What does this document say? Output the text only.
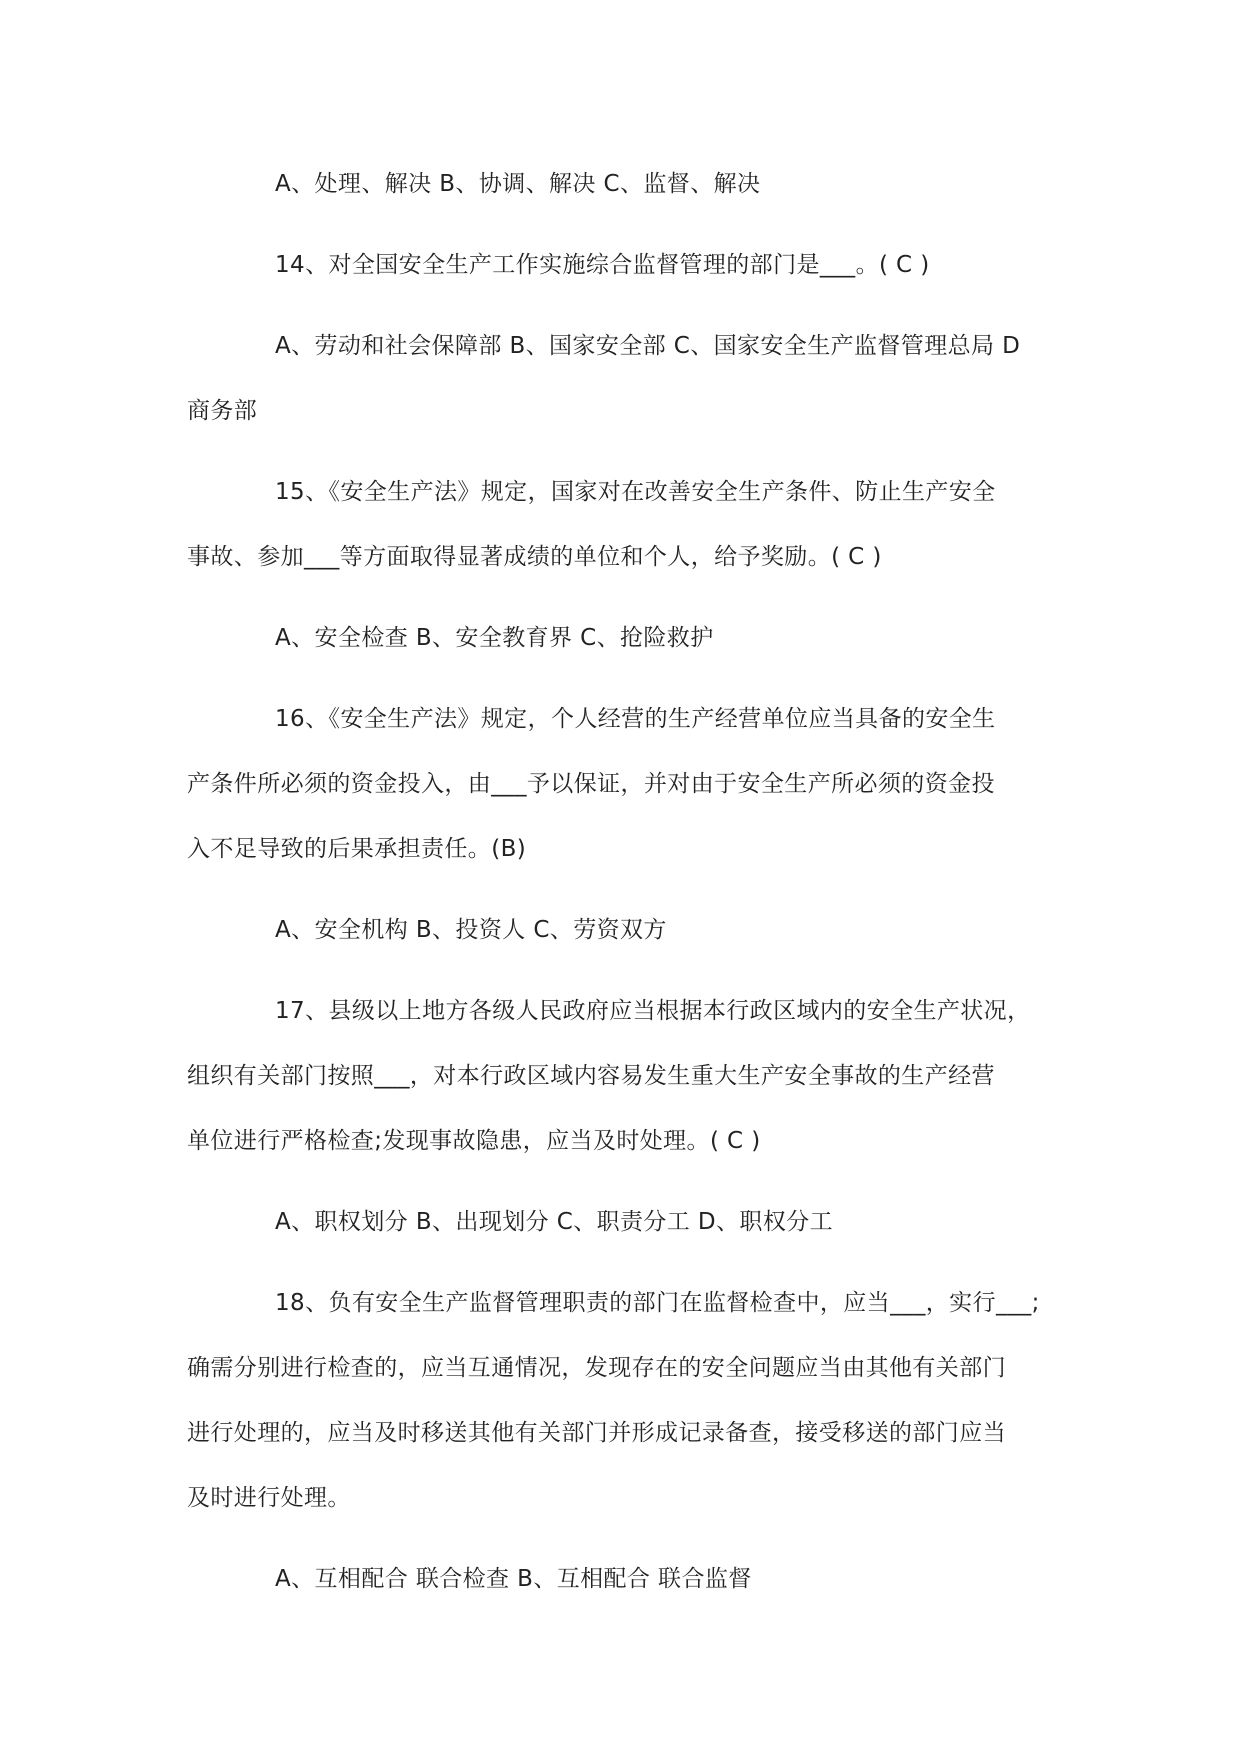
A、处理、解决 B、协调、解决 C、监督、解决
14、对全国安全生产工作实施综合监督管理的部门是___。( C )
A、劳动和社会保障部 B、国家安全部 C、国家安全生产监督管理总局 D
商务部
15、《安全生产法》规定，国家对在改善安全生产条件、防止生产安全
事故、参加___等方面取得显著成绩的单位和个人，给予奖励。( C )
A、安全检查 B、安全教育界 C、抢险救护
16、《安全生产法》规定，个人经营的生产经营单位应当具备的安全生
产条件所必须的资金投入，由___予以保证，并对由于安全生产所必须的资金投
入不足导致的后果承担责任。(B)
A、安全机构 B、投资人 C、劳资双方
17、县级以上地方各级人民政府应当根据本行政区域内的安全生产状况，
组织有关部门按照___，对本行政区域内容易发生重大生产安全事故的生产经营
单位进行严格检查;发现事故隐患，应当及时处理。( C )
A、职权划分 B、出现划分 C、职责分工 D、职权分工
18、负有安全生产监督管理职责的部门在监督检查中，应当___，实行___;
确需分别进行检查的，应当互通情况，发现存在的安全问题应当由其他有关部门
进行处理的，应当及时移送其他有关部门并形成记录备查，接受移送的部门应当
及时进行处理。
A、互相配合 联合检查 B、互相配合 联合监督
